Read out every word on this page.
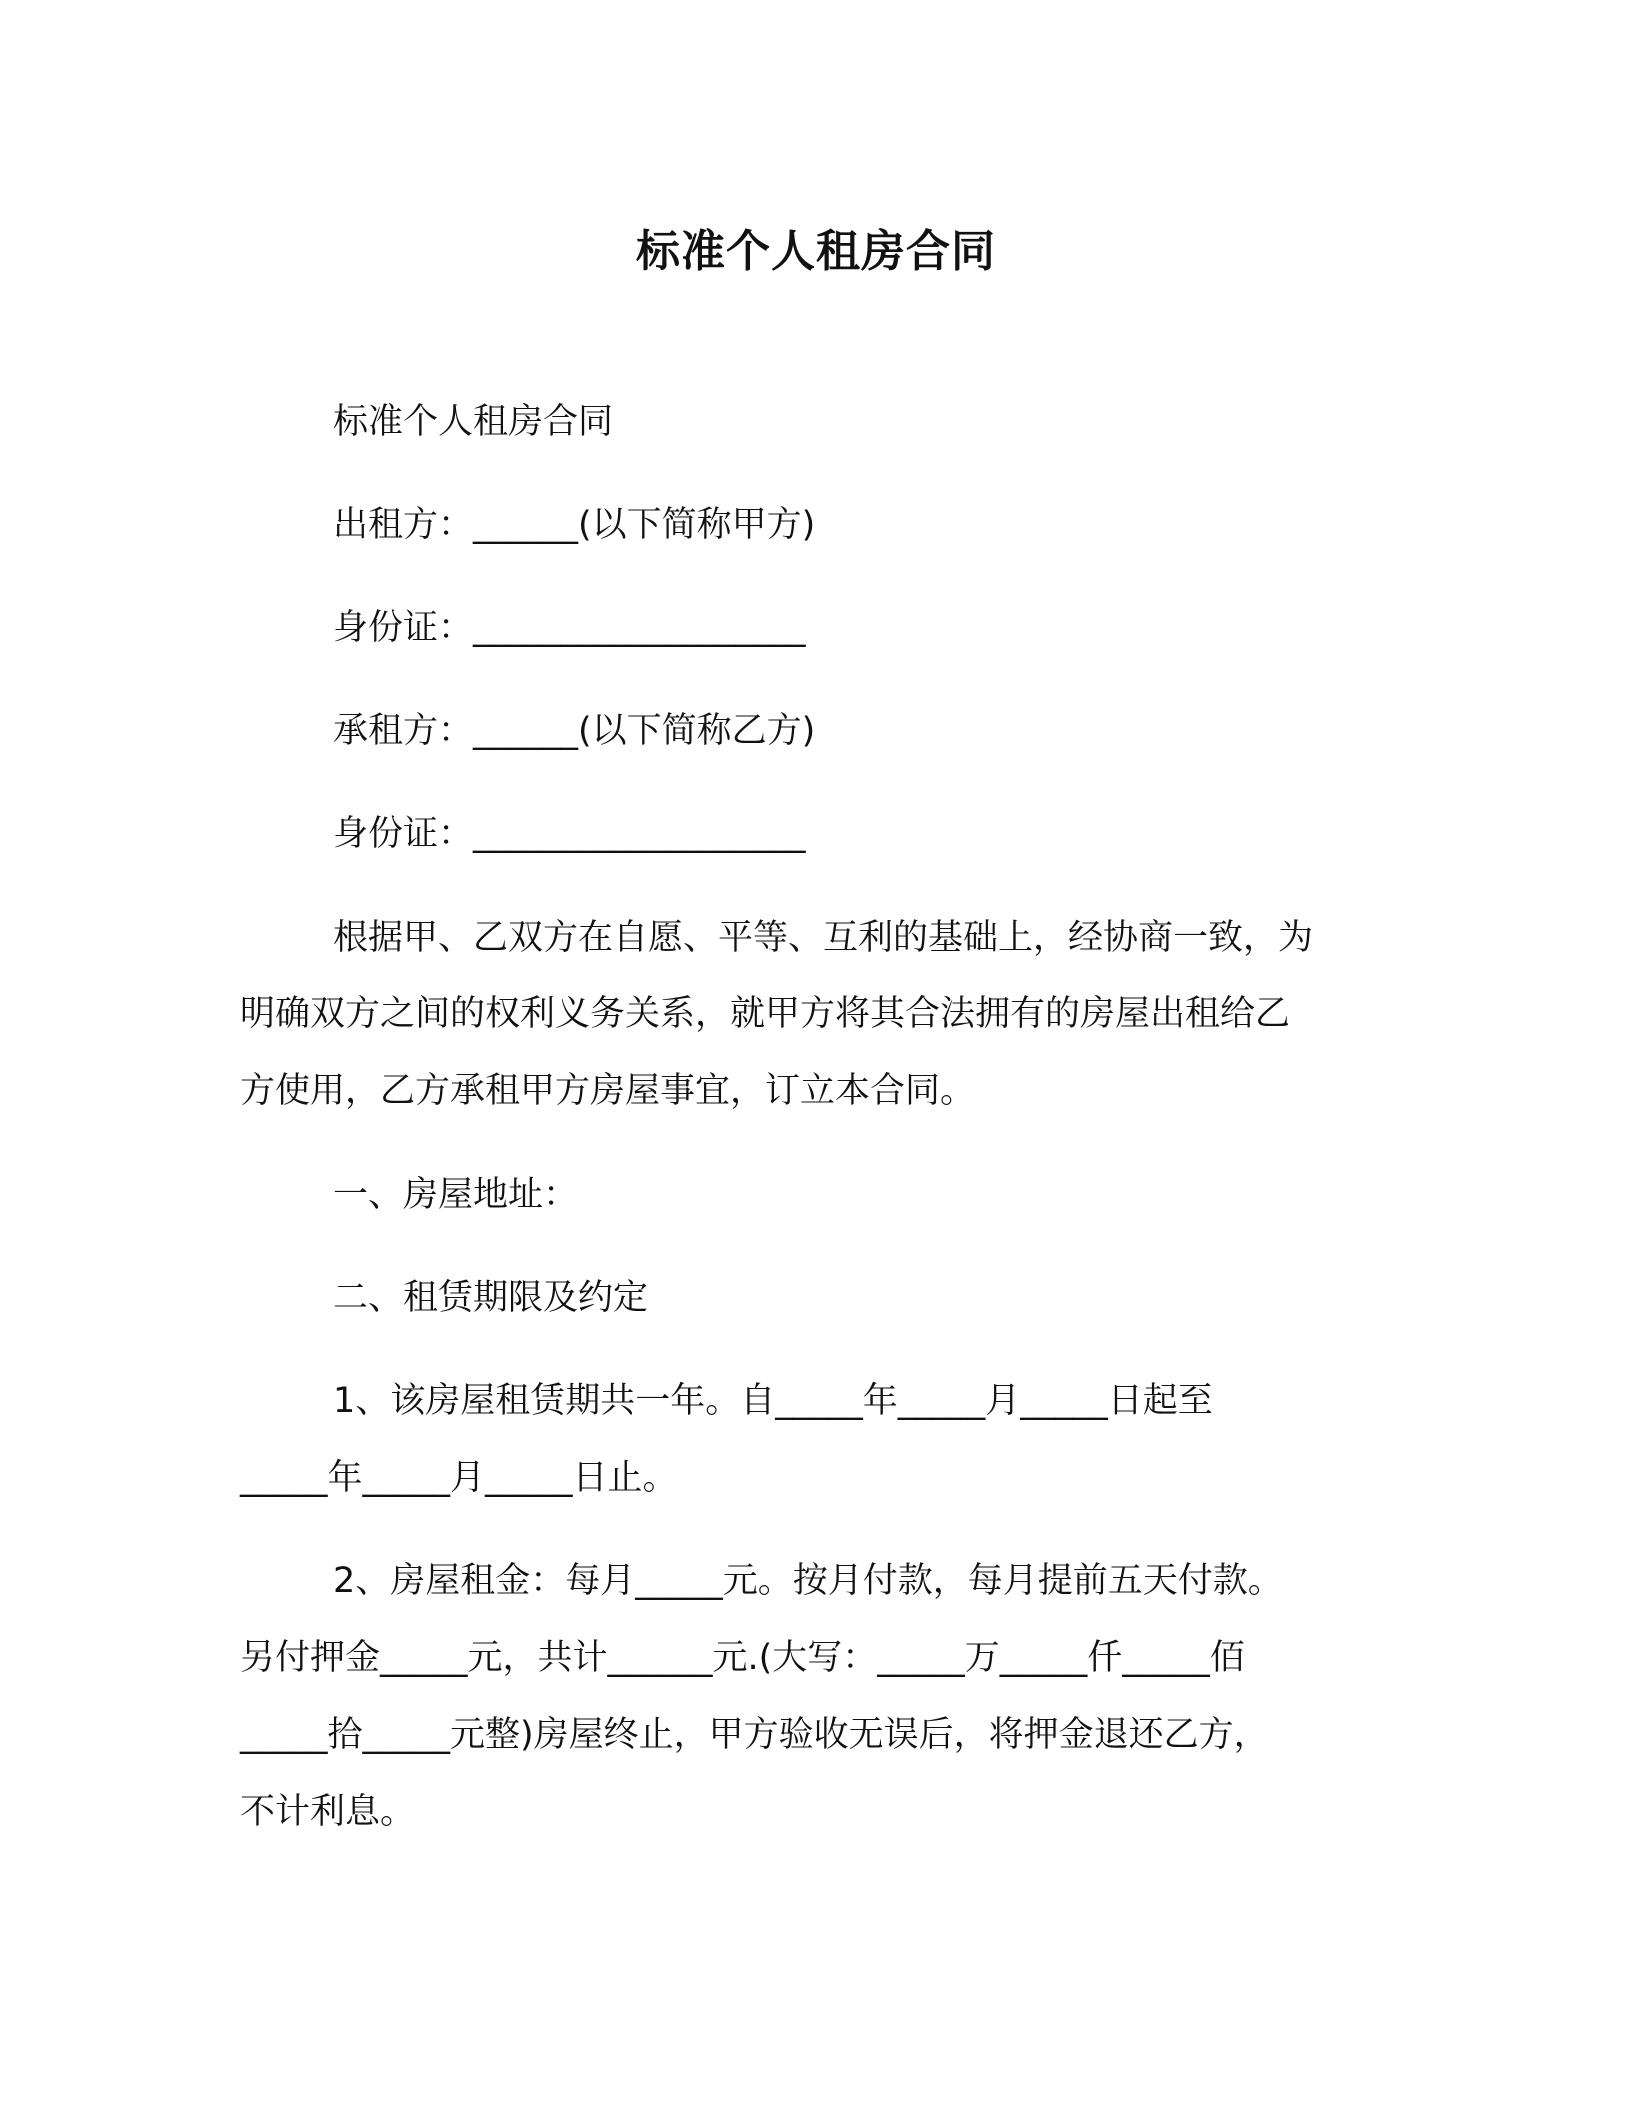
标准个人租房合同

标准个人租房合同

出租方：______(以下简称甲方)

身份证：___________________

承租方：______(以下简称乙方)

身份证：___________________

根据甲、乙双方在自愿、平等、互利的基础上，经协商一致，为

明确双方之间的权利义务关系，就甲方将其合法拥有的房屋出租给乙

方使用，乙方承租甲方房屋事宜，订立本合同。

一、房屋地址：

二、租赁期限及约定

1、该房屋租赁期共一年。自_____年_____月_____日起至

_____年_____月_____日止。

2、房屋租金：每月_____元。按月付款，每月提前五天付款。

另付押金_____元，共计______元.(大写：_____万_____仟_____佰

_____拾_____元整)房屋终止，甲方验收无误后，将押金退还乙方，

不计利息。
